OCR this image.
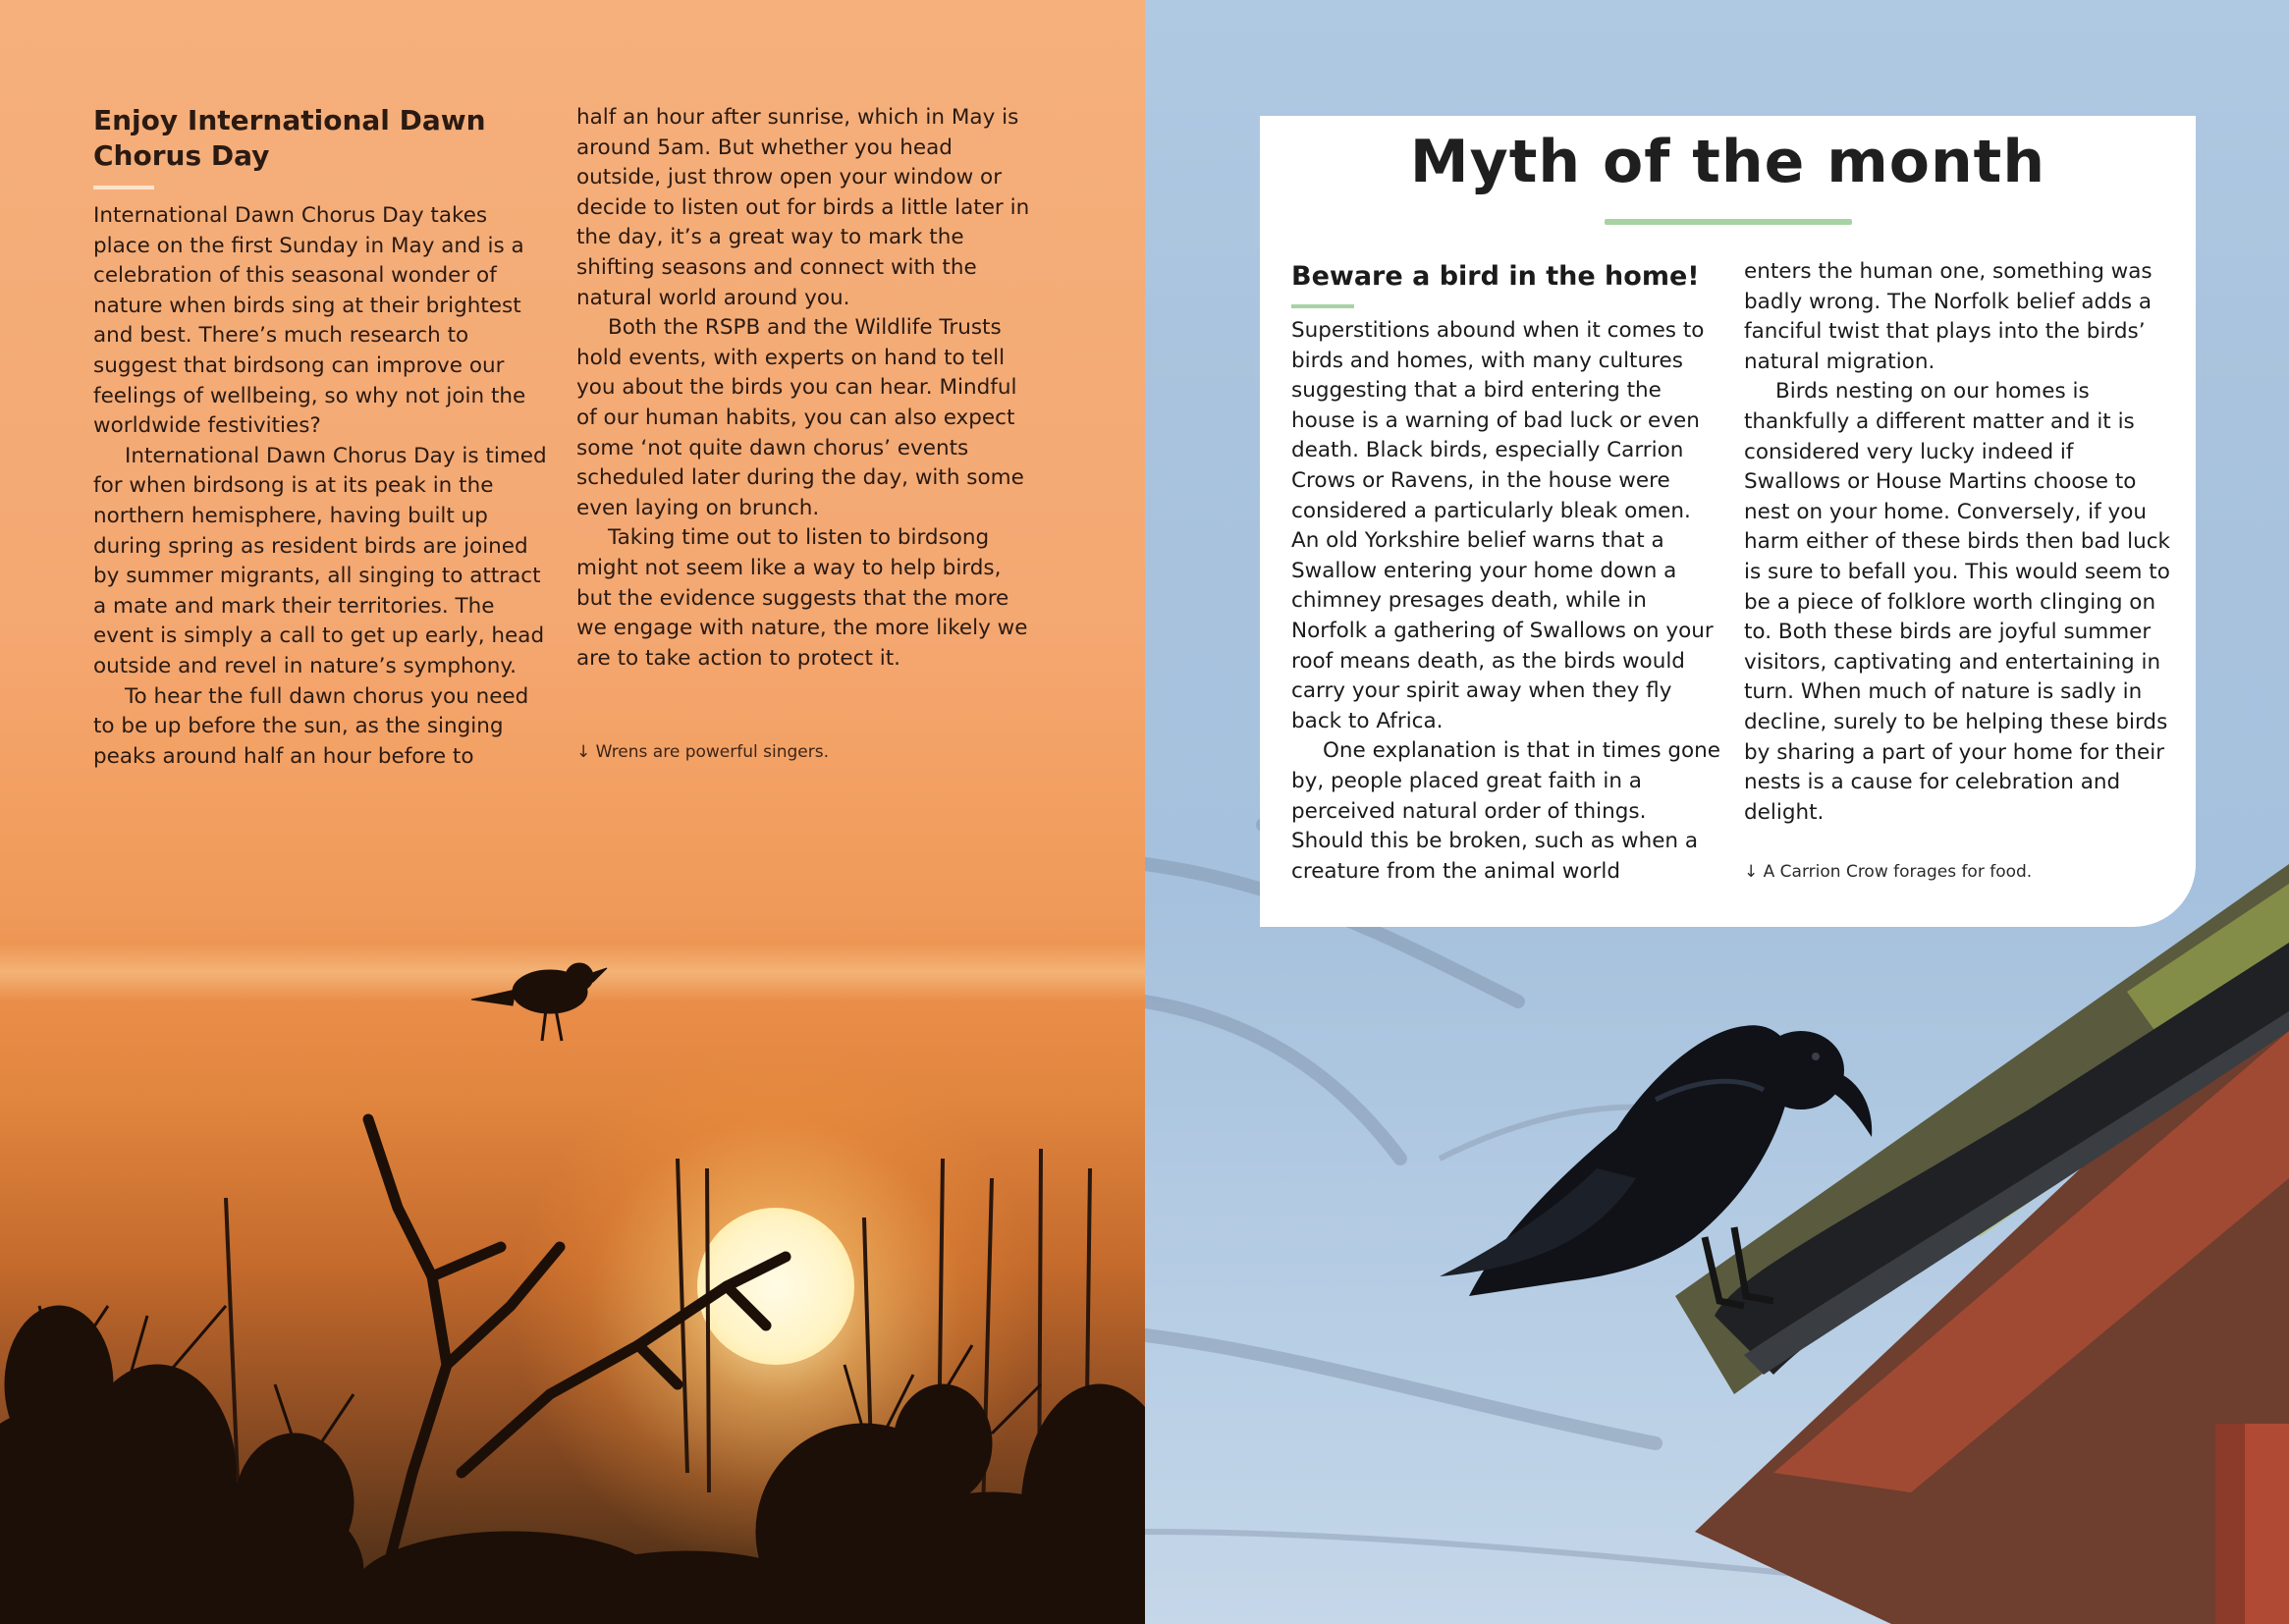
Enjoy International Dawn Chorus Day

International Dawn Chorus Day takes place on the first Sunday in May and is a celebration of this seasonal wonder of nature when birds sing at their brightest and best. There’s much research to suggest that birdsong can improve our feelings of wellbeing, so why not join the worldwide festivities?

International Dawn Chorus Day is timed for when birdsong is at its peak in the northern hemisphere, having built up during spring as resident birds are joined by summer migrants, all singing to attract a mate and mark their territories. The event is simply a call to get up early, head outside and revel in nature’s symphony.

To hear the full dawn chorus you need to be up before the sun, as the singing peaks around half an hour before to

half an hour after sunrise, which in May is around 5am. But whether you head outside, just throw open your window or decide to listen out for birds a little later in the day, it’s a great way to mark the shifting seasons and connect with the natural world around you.

Both the RSPB and the Wildlife Trusts hold events, with experts on hand to tell you about the birds you can hear. Mindful of our human habits, you can also expect some ‘not quite dawn chorus’ events scheduled later during the day, with some even laying on brunch.

Taking time out to listen to birdsong might not seem like a way to help birds, but the evidence suggests that the more we engage with nature, the more likely we are to take action to protect it.

↓ Wrens are powerful singers.
Myth of the month
Beware a bird in the home!

Superstitions abound when it comes to birds and homes, with many cultures suggesting that a bird entering the house is a warning of bad luck or even death. Black birds, especially Carrion Crows or Ravens, in the house were considered a particularly bleak omen. An old Yorkshire belief warns that a Swallow entering your home down a chimney presages death, while in Norfolk a gathering of Swallows on your roof means death, as the birds would carry your spirit away when they fly back to Africa.

One explanation is that in times gone by, people placed great faith in a perceived natural order of things. Should this be broken, such as when a creature from the animal world

enters the human one, something was badly wrong. The Norfolk belief adds a fanciful twist that plays into the birds’ natural migration.

Birds nesting on our homes is thankfully a different matter and it is considered very lucky indeed if Swallows or House Martins choose to nest on your home. Conversely, if you harm either of these birds then bad luck is sure to befall you. This would seem to be a piece of folklore worth clinging on to. Both these birds are joyful summer visitors, captivating and entertaining in turn. When much of nature is sadly in decline, surely to be helping these birds by sharing a part of your home for their nests is a cause for celebration and delight.

↓ A Carrion Crow forages for food.
